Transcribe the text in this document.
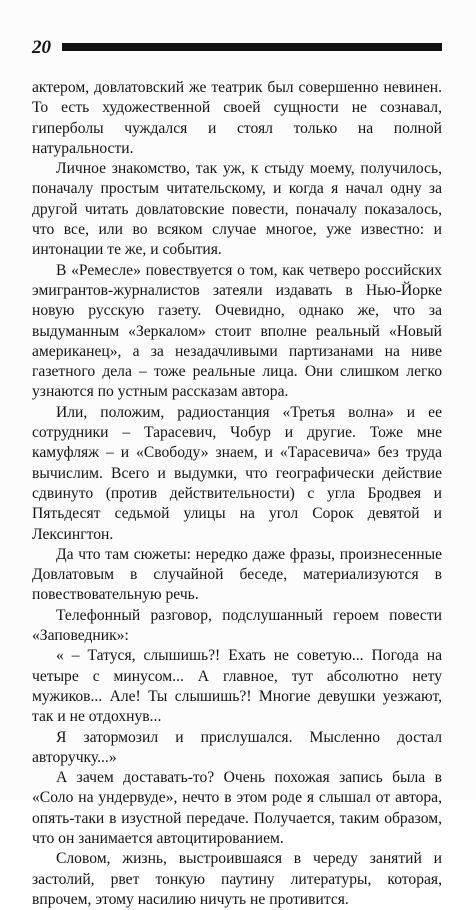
20

актером, довлатовский же театрик был совершенно невинен. То есть художественной своей сущности не сознавал, гиперболы чуждался и стоял только на полной натуральности.

Личное знакомство, так уж, к стыду моему, получилось, поначалу простым читательскому, и когда я начал одну за другой читать довлатовские повести, поначалу показалось, что все, или во всяком случае многое, уже известно: и интонации те же, и события.

В «Ремесле» повествуется о том, как четверо российских эмигрантов-журналистов затеяли издавать в Нью-Йорке новую русскую газету. Очевидно, однако же, что за выдуманным «Зеркалом» стоит вполне реальный «Новый американец», а за незадачливыми партизанами на ниве газетного дела – тоже реальные лица. Они слишком легко узнаются по устным рассказам автора.

Или, положим, радиостанция «Третья волна» и ее сотрудники – Тарасевич, Чобур и другие. Тоже мне камуфляж – и «Свободу» знаем, и «Тарасевича» без труда вычислим. Всего и выдумки, что географически действие сдвинуто (против действительности) с угла Бродвея и Пятьдесят седьмой улицы на угол Сорок девятой и Лексингтон.

Да что там сюжеты: нередко даже фразы, произнесенные Довлатовым в случайной беседе, материализуются в повествовательную речь.

Телефонный разговор, подслушанный героем повести «Заповедник»:

« – Татуся, слышишь?! Ехать не советую... Погода на четыре с минусом... А главное, тут абсолютно нету мужиков... Але! Ты слышишь?! Многие девушки уезжают, так и не отдохнув...

Я затормозил и прислушался. Мысленно достал авторучку...»

А зачем доставать-то? Очень похожая запись была в «Соло на ундервуде», нечто в этом роде я слышал от автора, опять-таки в изустной передаче. Получается, таким образом, что он занимается автоцитированием.

Словом, жизнь, выстроившаяся в череду занятий и застолий, рвет тонкую паутину литературы, которая, впрочем, этому насилию ничуть не противится.
